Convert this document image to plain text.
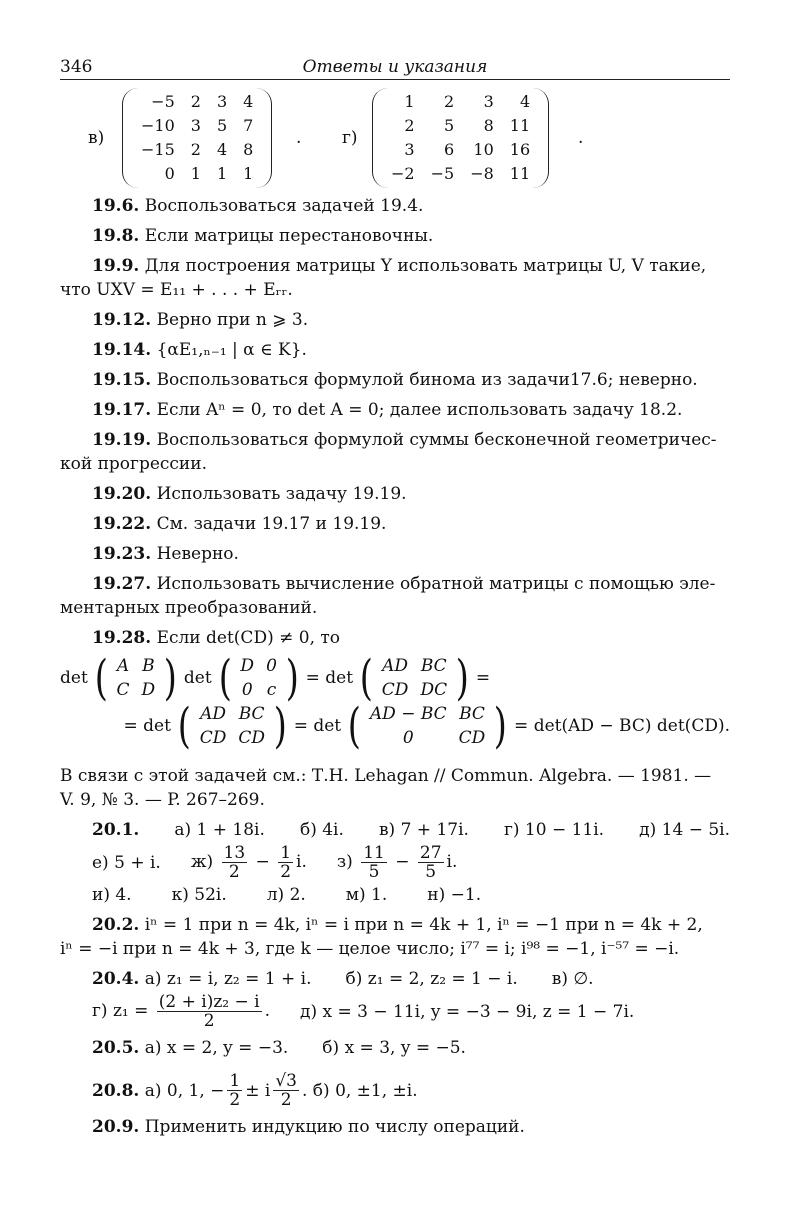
346	Ответы и указания
в)
−5	2	3	4
−10	3	5	7
−15	2	4	8
0	1	1	1
. г)
1	2	3	4
2	5	8	11
3	6	10	16
−2	−5	−8	11
.

19.6. Воспользоваться задачей 19.4.

19.8. Если матрицы перестановочны.

19.9. Для построения матрицы Y использовать матрицы U, V такие,

что UXV = E₁₁ + . . . + Eᵣᵣ.

19.12. Верно при n ⩾ 3.

19.14. {αE₁,ₙ₋₁ | α ∈ K}.

19.15. Воспользоваться формулой бинома из задачи17.6; неверно.

19.17. Если Aⁿ = 0, то det A = 0; далее использовать задачу 18.2.

19.19. Воспользоваться формулой суммы бесконечной геометричес-

кой прогрессии.

19.20. Использовать задачу 19.19.

19.22. См. задачи 19.17 и 19.19.

19.23. Неверно.

19.27. Использовать вычисление обратной матрицы с помощью эле-

ментарных преобразований.

19.28. Если det(CD) ≠ 0, то

det ( A	B
C	D ) det ( D	0
0	c ) = det ( AD	BC
CD	DC ) =
= det ( AD	BC
CD	CD ) = det ( AD − BC	BC
0	CD ) = det(AD − BC) det(CD).

В связи с этой задачей см.: Т.Н. Lehagan // Commun. Algebra. — 1981. —

V. 9, № 3. — P. 267–269.

20.1. а) 1 + 18i. б) 4i. в) 7 + 17i. г) 10 − 11i. д) 14 − 5i.
е) 5 + i. $ж) \frac{13}{2} - \frac{1}{2} i$. $з) \frac{11}{5} - \frac{27}{5} i$.
и) 4. к) 52i. л) 2. м) 1. н) −1.

20.2. iⁿ = 1 при n = 4k, iⁿ = i при n = 4k + 1, iⁿ = −1 при n = 4k + 2,

iⁿ = −i при n = 4k + 3, где k — целое число; i⁷⁷ = i; i⁹⁸ = −1, i⁻⁵⁷ = −i.

20.4. а) z₁ = i, z₂ = 1 + i. б) z₁ = 2, z₂ = 1 − i. в) ∅.
г) $z_1 = \frac{\text{(2 + i)z₂ − i}}{2}$ . д) x = 3 − 11i, y = −3 − 9i, z = 1 − 7i.
20.5. а) x = 2, y = −3. б) x = 3, y = −5.
20.8.
а) 0, 1, − $\frac{1}{2} \pm i \frac{√3}{2}$ . б) 0, ±1, ±i.

20.9. Применить индукцию по числу операций.
